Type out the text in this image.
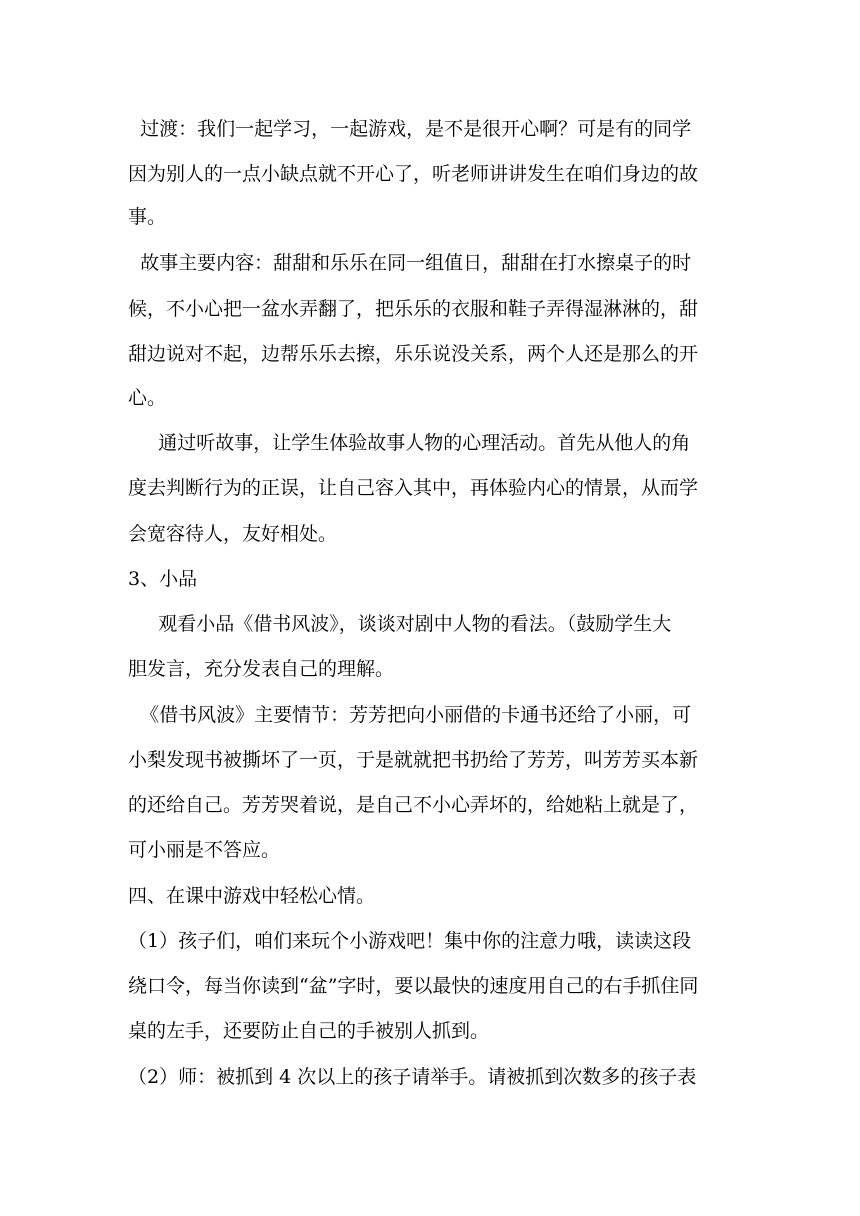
过渡：我们一起学习，一起游戏，是不是很开心啊？可是有的同学
因为别人的一点小缺点就不开心了，听老师讲讲发生在咱们身边的故
事。
故事主要内容：甜甜和乐乐在同一组值日，甜甜在打水擦桌子的时
候，不小心把一盆水弄翻了，把乐乐的衣服和鞋子弄得湿淋淋的，甜
甜边说对不起，边帮乐乐去擦，乐乐说没关系，两个人还是那么的开
心。
通过听故事，让学生体验故事人物的心理活动。首先从他人的角
度去判断行为的正误，让自己容入其中，再体验内心的情景，从而学
会宽容待人，友好相处。
3、小品
观看小品《借书风波》，谈谈对剧中人物的看法。（鼓励学生大
胆发言，充分发表自己的理解。
《借书风波》主要情节：芳芳把向小丽借的卡通书还给了小丽，可
小梨发现书被撕坏了一页，于是就就把书扔给了芳芳，叫芳芳买本新
的还给自己。芳芳哭着说，是自己不小心弄坏的，给她粘上就是了，
可小丽是不答应。
四、在课中游戏中轻松心情。
（1）孩子们，咱们来玩个小游戏吧！集中你的注意力哦，读读这段
绕口令，每当你读到“盆”字时，要以最快的速度用自己的右手抓住同
桌的左手，还要防止自己的手被别人抓到。
（2）师：被抓到 4 次以上的孩子请举手。请被抓到次数多的孩子表
